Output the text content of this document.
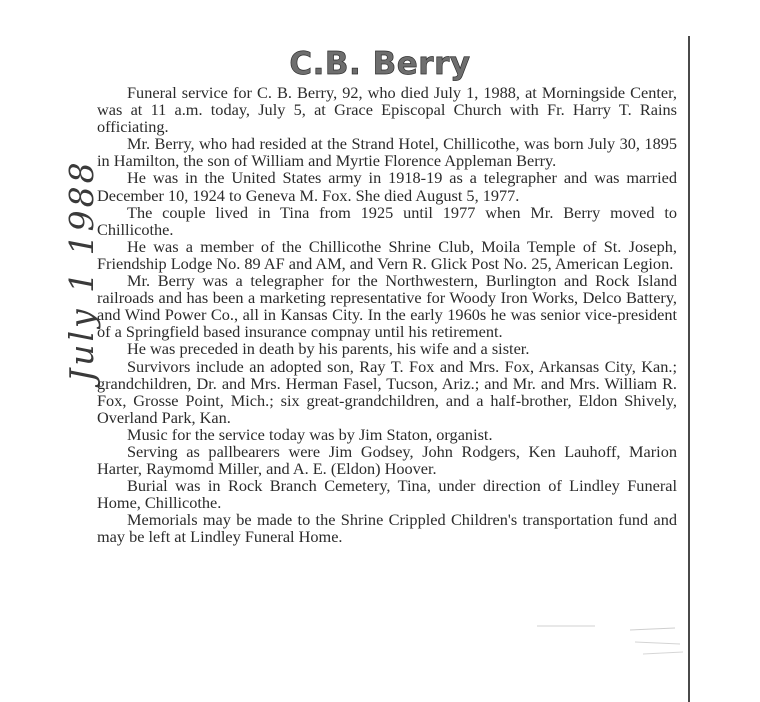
July 1 1988
C.B. Berry

Funeral service for C. B. Berry, 92, who died July 1, 1988, at Morningside Center, was at 11 a.m. today, July 5, at Grace Episcopal Church with Fr. Harry T. Rains officiating.

Mr. Berry, who had resided at the Strand Hotel, Chillicothe, was born July 30, 1895 in Hamilton, the son of William and Myrtie Florence Appleman Berry.

He was in the United States army in 1918-19 as a telegrapher and was married December 10, 1924 to Geneva M. Fox. She died August 5, 1977.

The couple lived in Tina from 1925 until 1977 when Mr. Berry moved to Chillicothe.

He was a member of the Chillicothe Shrine Club, Moila Temple of St. Joseph, Friendship Lodge No. 89 AF and AM, and Vern R. Glick Post No. 25, American Legion.

Mr. Berry was a telegrapher for the Northwestern, Burlington and Rock Island railroads and has been a marketing representative for Woody Iron Works, Delco Battery, and Wind Power Co., all in Kansas City. In the early 1960s he was senior vice-president of a Springfield based insurance compnay until his retirement.

He was preceded in death by his parents, his wife and a sister.

Survivors include an adopted son, Ray T. Fox and Mrs. Fox, Arkansas City, Kan.; grandchildren, Dr. and Mrs. Herman Fasel, Tucson, Ariz.; and Mr. and Mrs. William R. Fox, Grosse Point, Mich.; six great-grandchildren, and a half-brother, Eldon Shively, Overland Park, Kan.

Music for the service today was by Jim Staton, organist.

Serving as pallbearers were Jim Godsey, John Rodgers, Ken Lauhoff, Marion Harter, Raymomd Miller, and A. E. (Eldon) Hoover.

Burial was in Rock Branch Cemetery, Tina, under direction of Lindley Funeral Home, Chillicothe.

Memorials may be made to the Shrine Crippled Children's transportation fund and may be left at Lindley Funeral Home.
